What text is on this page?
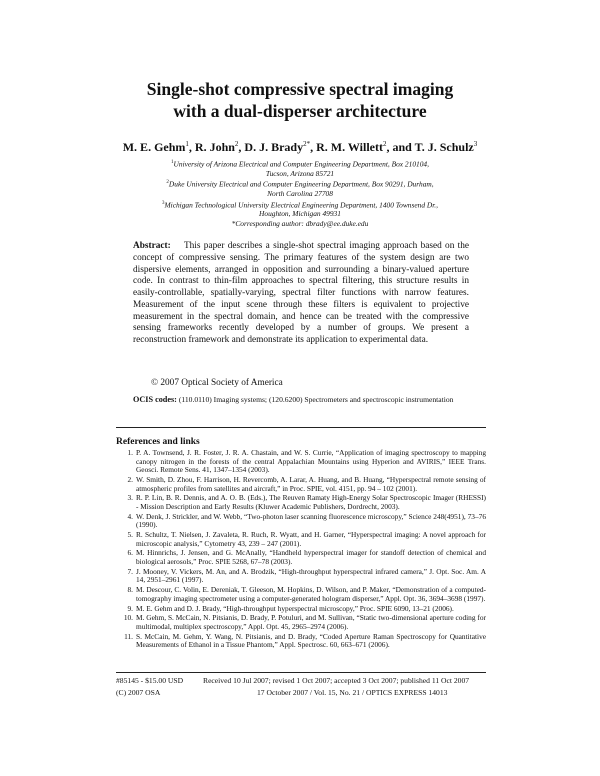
Single-shot compressive spectral imaging
with a dual-disperser architecture
M. E. Gehm$^1$, R. John$^2$, D. J. Brady$^{2*}$, R. M. Willett$^2$, and T. J. Schulz$^3$
$^1$University of Arizona Electrical and Computer Engineering Department, Box 210104,
Tucson, Arizona 85721
$^2$Duke University Electrical and Computer Engineering Department, Box 90291, Durham,
North Carolina 27708
$^3$Michigan Technological University Electrical Engineering Department, 1400 Townsend Dr.,
Houghton, Michigan 49931
*Corresponding author: dbrady@ee.duke.edu
Abstract: This paper describes a single-shot spectral imaging approach based on the concept of compressive sensing. The primary features of the system design are two dispersive elements, arranged in opposition and surrounding a binary-valued aperture code. In contrast to thin-film approaches to spectral filtering, this structure results in easily-controllable, spatially-varying, spectral filter functions with narrow features. Measurement of the input scene through these filters is equivalent to projective measurement in the spectral domain, and hence can be treated with the compressive sensing frameworks recently developed by a number of groups. We present a reconstruction framework and demonstrate its application to experimental data.
© 2007 Optical Society of America
OCIS codes: (110.0110) Imaging systems; (120.6200) Spectrometers and spectroscopic instrumentation
References and links
1. P. A. Townsend, J. R. Foster, J. R. A. Chastain, and W. S. Currie, “Application of imaging spectroscopy to mapping canopy nitrogen in the forests of the central Appalachian Mountains using Hyperion and AVIRIS,” IEEE Trans. Geosci. Remote Sens. 41, 1347–1354 (2003).
2. W. Smith, D. Zhou, F. Harrison, H. Revercomb, A. Larar, A. Huang, and B. Huang, “Hyperspectral remote sensing of atmospheric profiles from satellites and aircraft,” in Proc. SPIE, vol. 4151, pp. 94 – 102 (2001).
3. R. P. Lin, B. R. Dennis, and A. O. B. (Eds.), The Reuven Ramaty High-Energy Solar Spectroscopic Imager (RHESSI) - Mission Description and Early Results (Kluwer Academic Publishers, Dordrecht, 2003).
4. W. Denk, J. Strickler, and W. Webb, “Two-photon laser scanning fluorescence microscopy,” Science 248(4951), 73–76 (1990).
5. R. Schultz, T. Nielsen, J. Zavaleta, R. Ruch, R. Wyatt, and H. Garner, “Hyperspectral imaging: A novel approach for microscopic analysis,” Cytometry 43, 239 – 247 (2001).
6. M. Hinnrichs, J. Jensen, and G. McAnally, “Handheld hyperspectral imager for standoff detection of chemical and biological aerosols,” Proc. SPIE 5268, 67–78 (2003).
7. J. Mooney, V. Vickers, M. An, and A. Brodzik, “High-throughput hyperspectral infrared camera,” J. Opt. Soc. Am. A 14, 2951–2961 (1997).
8. M. Descour, C. Volin, E. Dereniak, T. Gleeson, M. Hopkins, D. Wilson, and P. Maker, “Demonstration of a computed-tomography imaging spectrometer using a computer-generated hologram disperser,” Appl. Opt. 36, 3694–3698 (1997).
9. M. E. Gehm and D. J. Brady, “High-throughput hyperspectral microscopy,” Proc. SPIE 6090, 13–21 (2006).
10. M. Gehm, S. McCain, N. Pitsianis, D. Brady, P. Potuluri, and M. Sullivan, “Static two-dimensional aperture coding for multimodal, multiplex spectroscopy,” Appl. Opt. 45, 2965–2974 (2006).
11. S. McCain, M. Gehm, Y. Wang, N. Pitsianis, and D. Brady, “Coded Aperture Raman Spectroscopy for Quantitative Measurements of Ethanol in a Tissue Phantom,” Appl. Spectrosc. 60, 663–671 (2006).
#85145 - $15.00 USD
(C) 2007 OSA
Received 10 Jul 2007; revised 1 Oct 2007; accepted 3 Oct 2007; published 11 Oct 2007
17 October 2007 / Vol. 15, No. 21 / OPTICS EXPRESS 14013
